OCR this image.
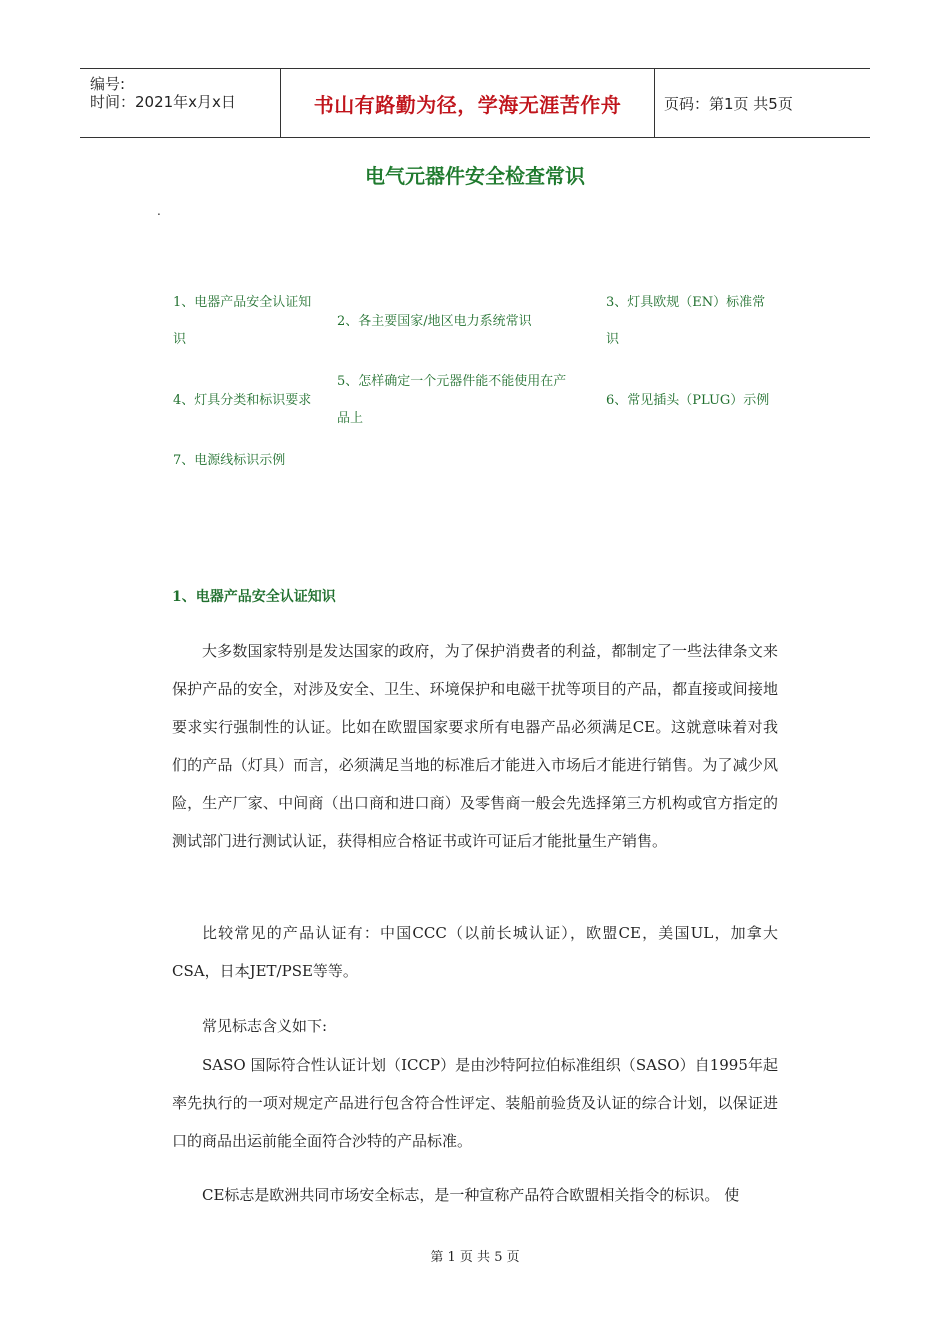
编号:
时间：2021年x月x日	书山有路勤为径，学海无涯苦作舟	页码：第1页 共5页
电气元器件安全检查常识
.
1、电器产品安全认证知
识
2、各主要国家/地区电力系统常识
3、灯具欧规（EN）标准常
识
4、灯具分类和标识要求
5、怎样确定一个元器件能不能使用在产
品上
6、常见插头（PLUG）示例
7、电源线标识示例
1、电器产品安全认证知识

大多数国家特别是发达国家的政府，为了保护消费者的利益，都制定了一些法律条文来保护产品的安全，对涉及安全、卫生、环境保护和电磁干扰等项目的产品，都直接或间接地要求实行强制性的认证。比如在欧盟国家要求所有电器产品必须满足CE。这就意味着对我们的产品（灯具）而言，必须满足当地的标准后才能进入市场后才能进行销售。为了减少风险，生产厂家、中间商（出口商和进口商）及零售商一般会先选择第三方机构或官方指定的测试部门进行测试认证，获得相应合格证书或许可证后才能批量生产销售。

比较常见的产品认证有：中国CCC（以前长城认证），欧盟CE，美国UL，加拿大CSA，日本JET/PSE等等。

常见标志含义如下:

SASO 国际符合性认证计划（ICCP）是由沙特阿拉伯标准组织（SASO）自1995年起率先执行的一项对规定产品进行包含符合性评定、装船前验货及认证的综合计划，以保证进口的商品出运前能全面符合沙特的产品标准。

CE标志是欧洲共同市场安全标志，是一种宣称产品符合欧盟相关指令的标识。 使

第 1 页 共 5 页
